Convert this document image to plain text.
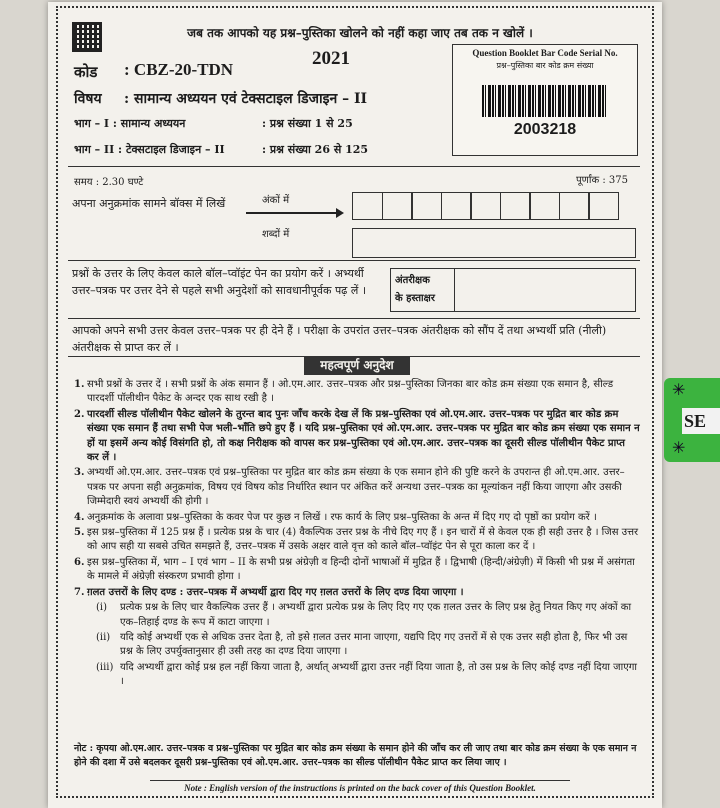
जब तक आपको यह प्रश्न–पुस्तिका खोलने को नहीं कहा जाए तब तक न खोलें ।
2021
कोड : CBZ-20-TDN
विषय : सामान्य अध्ययन एवं टेक्सटाइल डिजाइन – II
भाग – I : सामान्य अध्ययन	: प्रश्न संख्या 1 से 25
भाग – II : टेक्सटाइल डिजाइन – II	: प्रश्न संख्या 26 से 125
Question Booklet Bar Code Serial No.
प्रश्न–पुस्तिका बार कोड क्रम संख्या
2003218
समय : 2.30 घण्टे	पूर्णांक : 375
अपना अनुक्रमांक सामने बॉक्स में लिखें	अंकों में
शब्दों में
प्रश्नों के उत्तर के लिए केवल काले बॉल–प्वॉइंट पेन का प्रयोग करें । अभ्यर्थी उत्तर–पत्रक पर उत्तर देने से पहले सभी अनुदेशों को सावधानीपूर्वक पढ़ लें ।
अंतरीक्षक
के हस्ताक्षर
आपको अपने सभी उत्तर केवल उत्तर–पत्रक पर ही देने हैं । परीक्षा के उपरांत उत्तर–पत्रक अंतरीक्षक को सौंप दें तथा अभ्यर्थी प्रति (नीली) अंतरीक्षक से प्राप्त कर लें ।
महत्वपूर्ण अनुदेश
1. सभी प्रश्नों के उत्तर दें । सभी प्रश्नों के अंक समान हैं । ओ.एम.आर. उत्तर–पत्रक और प्रश्न–पुस्तिका जिनका बार कोड क्रम संख्या एक समान है, सील्ड पारदर्शी पॉलीथीन पैकेट के अन्दर एक साथ रखी है ।
2. पारदर्शी सील्ड पॉलीथीन पैकेट खोलने के तुरन्त बाद पुनः जाँच करके देख लें कि प्रश्न–पुस्तिका एवं ओ.एम.आर. उत्तर–पत्रक पर मुद्रित बार कोड क्रम संख्या एक समान हैं तथा सभी पेज भली–भाँति छपे हुए हैं । यदि प्रश्न–पुस्तिका एवं ओ.एम.आर. उत्तर–पत्रक पर मुद्रित बार कोड क्रम संख्या एक समान न हों या इसमें अन्य कोई विसंगति हो, तो कक्ष निरीक्षक को वापस कर प्रश्न–पुस्तिका एवं ओ.एम.आर. उत्तर–पत्रक का दूसरी सील्ड पॉलीथीन पैकेट प्राप्त कर लें ।
3. अभ्यर्थी ओ.एम.आर. उत्तर–पत्रक एवं प्रश्न–पुस्तिका पर मुद्रित बार कोड क्रम संख्या के एक समान होने की पुष्टि करने के उपरान्त ही ओ.एम.आर. उत्तर–पत्रक पर अपना सही अनुक्रमांक, विषय एवं विषय कोड निर्धारित स्थान पर अंकित करें अन्यथा उत्तर–पत्रक का मूल्यांकन नहीं किया जाएगा और उसकी जिम्मेदारी स्वयं अभ्यर्थी की होगी ।
4. अनुक्रमांक के अलावा प्रश्न–पुस्तिका के कवर पेज पर कुछ न लिखें । रफ कार्य के लिए प्रश्न–पुस्तिका के अन्त में दिए गए दो पृष्ठों का प्रयोग करें ।
5. इस प्रश्न–पुस्तिका में 125 प्रश्न हैं । प्रत्येक प्रश्न के चार (4) वैकल्पिक उत्तर प्रश्न के नीचे दिए गए हैं । इन चारों में से केवल एक ही सही उत्तर है । जिस उत्तर को आप सही या सबसे उचित समझते हैं, उत्तर–पत्रक में उसके अक्षर वाले वृत्त को काले बॉल–प्वॉइंट पेन से पूरा काला कर दें ।
6. इस प्रश्न–पुस्तिका में, भाग – I एवं भाग – II के सभी प्रश्न अंग्रेज़ी व हिन्दी दोनों भाषाओं में मुद्रित हैं । द्विभाषी (हिन्दी/अंग्रेज़ी) में किसी भी प्रश्न में असंगता के मामले में अंग्रेज़ी संस्करण प्रभावी होगा ।
7. ग़लत उत्तरों के लिए दण्ड : उत्तर–पत्रक में अभ्यर्थी द्वारा दिए गए ग़लत उत्तरों के लिए दण्ड दिया जाएगा ।
(i)	प्रत्येक प्रश्न के लिए चार वैकल्पिक उत्तर हैं । अभ्यर्थी द्वारा प्रत्येक प्रश्न के लिए दिए गए एक ग़लत उत्तर के लिए प्रश्न हेतु नियत किए गए अंकों का एक–तिहाई दण्ड के रूप में काटा जाएगा ।
(ii) यदि कोई अभ्यर्थी एक से अधिक उत्तर देता है, तो इसे ग़लत उत्तर माना जाएगा, यद्यपि दिए गए उत्तरों में से एक उत्तर सही होता है, फिर भी उस प्रश्न के लिए उपर्युक्तानुसार ही उसी तरह का दण्ड दिया जाएगा ।
(iii) यदि अभ्यर्थी द्वारा कोई प्रश्न हल नहीं किया जाता है, अर्थात् अभ्यर्थी द्वारा उत्तर नहीं दिया जाता है, तो उस प्रश्न के लिए कोई दण्ड नहीं दिया जाएगा ।
नोट : कृपया ओ.एम.आर. उत्तर–पत्रक व प्रश्न–पुस्तिका पर मुद्रित बार कोड क्रम संख्या के समान होने की जाँच कर ली जाए तथा बार कोड क्रम संख्या के एक समान न होने की दशा में उसे बदलकर दूसरी प्रश्न–पुस्तिका एवं ओ.एम.आर. उत्तर–पत्रक का सील्ड पॉलीथीन पैकेट प्राप्त कर लिया जाए ।
Note : English version of the instructions is printed on the back cover of this Question Booklet.
✳
✳
SE
